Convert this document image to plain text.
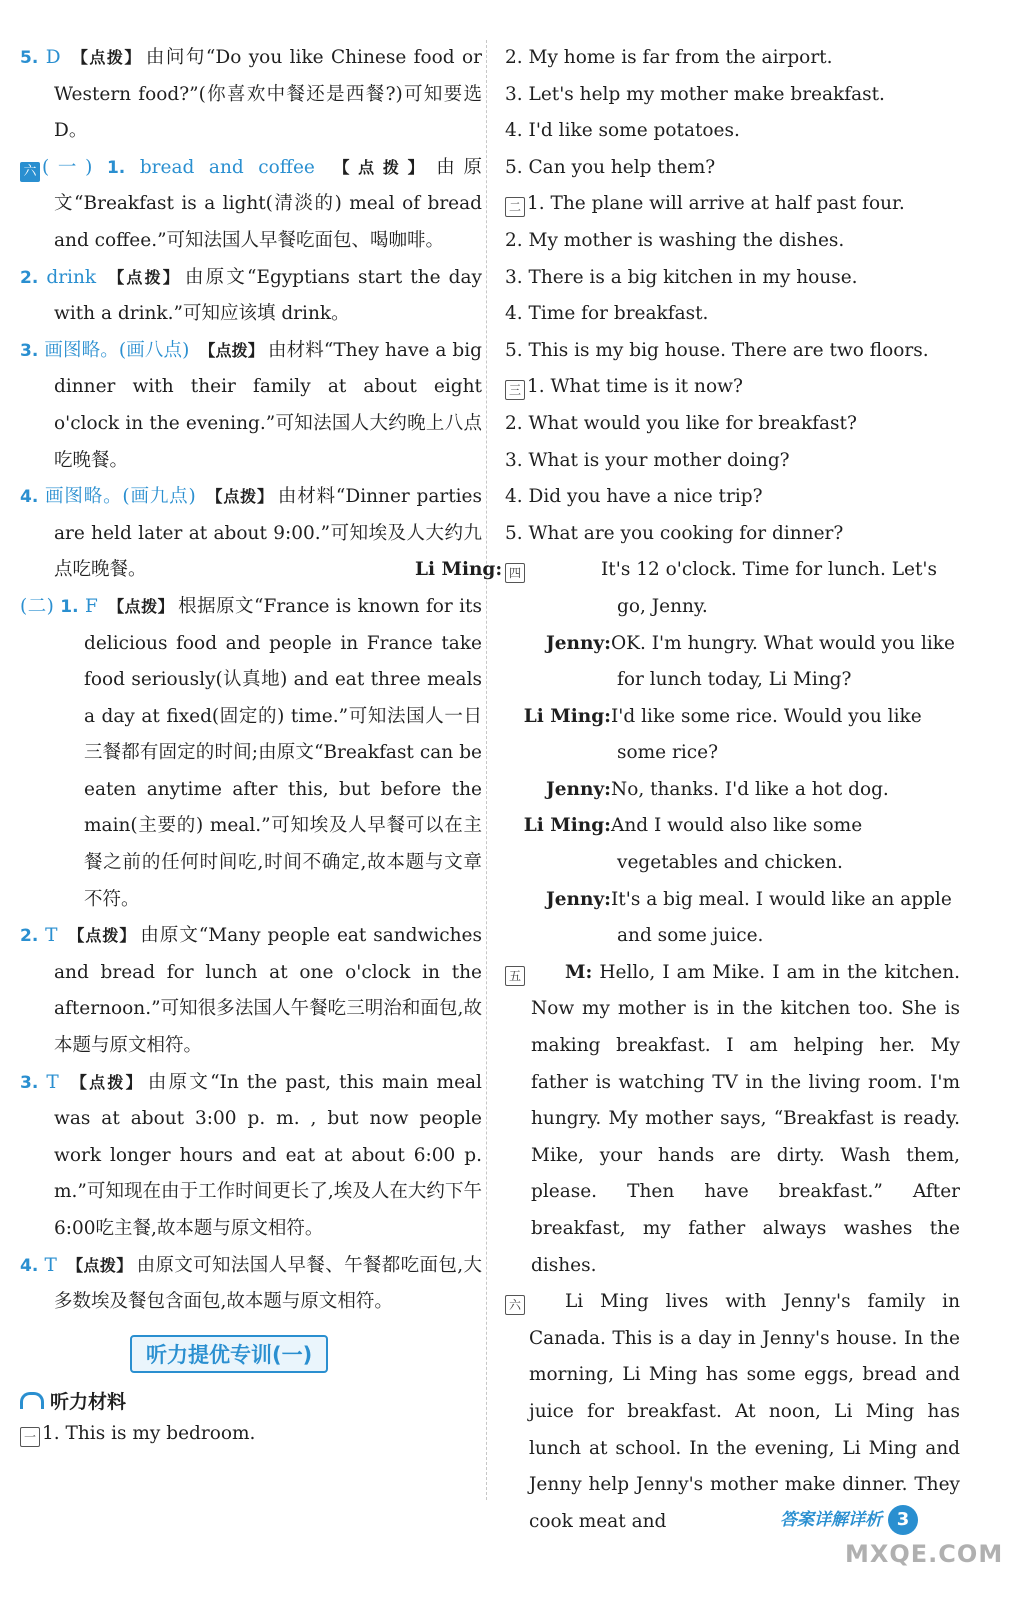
5. D 【点拨】 由问句“Do you like Chinese food or Western food?”(你喜欢中餐还是西餐?)可知要选 D。

六 (一) 1. bread and coffee 【点拨】 由原文“Breakfast is a light(清淡的) meal of bread and coffee.”可知法国人早餐吃面包、喝咖啡。

2. drink 【点拨】 由原文“Egyptians start the day with a drink.”可知应该填 drink。

3. 画图略。(画八点) 【点拨】 由材料“They have a big dinner with their family at about eight o'clock in the evening.”可知法国人大约晚上八点吃晚餐。

4. 画图略。(画九点) 【点拨】 由材料“Dinner parties are held later at about 9:00.”可知埃及人大约九点吃晚餐。

(二) 1. F 【点拨】 根据原文“France is known for its delicious food and people in France take food seriously(认真地) and eat three meals a day at fixed(固定的) time.”可知法国人一日三餐都有固定的时间;由原文“Breakfast can be eaten anytime after this, but before the main(主要的) meal.”可知埃及人早餐可以在主餐之前的任何时间吃,时间不确定,故本题与文章不符。

2. T 【点拨】 由原文“Many people eat sandwiches and bread for lunch at one o'clock in the afternoon.”可知很多法国人午餐吃三明治和面包,故本题与原文相符。

3. T 【点拨】 由原文“In the past, this main meal was at about 3:00 p. m. , but now people work longer hours and eat at about 6:00 p. m.”可知现在由于工作时间更长了,埃及人在大约下午6:00吃主餐,故本题与原文相符。

4. T 【点拨】 由原文可知法国人早餐、午餐都吃面包,大多数埃及餐包含面包,故本题与原文相符。

听力提优专训(一)
听力材料

一 1. This is my bedroom.

2. My home is far from the airport.

3. Let's help my mother make breakfast.

4. I'd like some potatoes.

5. Can you help them?

二 1. The plane will arrive at half past four.

2. My mother is washing the dishes.

3. There is a big kitchen in my house.

4. Time for breakfast.

5. This is my big house. There are two floors.

三 1. What time is it now?

2. What would you like for breakfast?

3. What is your mother doing?

4. Did you have a nice trip?

5. What are you cooking for dinner?

四Li Ming:	It's 12 o'clock. Time for lunch. Let's go, Jenny.

Jenny:OK. I'm hungry. What would you like for lunch today, Li Ming?

Li Ming:I'd like some rice. Would you like some rice?

Jenny:No, thanks. I'd like a hot dog.

Li Ming:And I would also like some vegetables and chicken.

Jenny:It's a big meal. I would like an apple and some juice.

五 M: Hello, I am Mike. I am in the kitchen. Now my mother is in the kitchen too. She is making breakfast. I am helping her. My father is watching TV in the living room. I'm hungry. My mother says, “Breakfast is ready. Mike, your hands are dirty. Wash them, please. Then have breakfast.” After breakfast, my father always washes the dishes.

六 Li Ming lives with Jenny's family in Canada. This is a day in Jenny's house. In the morning, Li Ming has some eggs, bread and juice for breakfast. At noon, Li Ming has lunch at school. In the evening, Li Ming and Jenny help Jenny's mother make dinner. They cook meat and	答案详解详析 3
MXQE.COM
